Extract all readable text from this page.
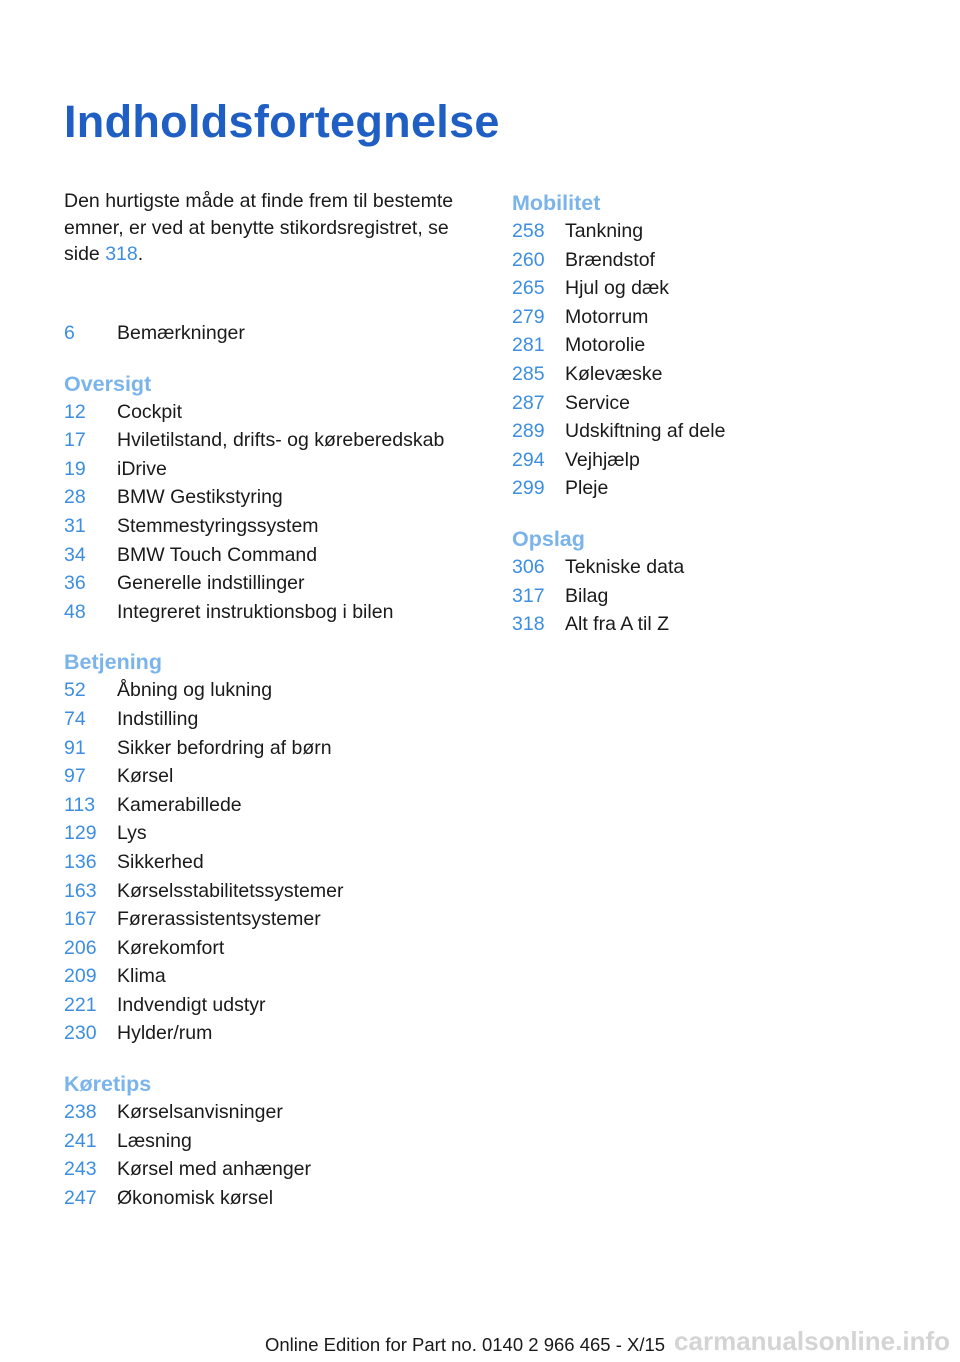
Indholdsfortegnelse
Den hurtigste måde at finde frem til bestemte emner, er ved at benytte stikordsregistret, se side 318.
6	Bemærkninger
Oversigt
12	Cockpit
17	Hviletilstand, drifts- og køreberedskab
19	iDrive
28	BMW Gestikstyring
31	Stemmestyringssystem
34	BMW Touch Command
36	Generelle indstillinger
48	Integreret instruktionsbog i bilen
Betjening
52	Åbning og lukning
74	Indstilling
91	Sikker befordring af børn
97	Kørsel
113	Kamerabillede
129	Lys
136	Sikkerhed
163	Kørselsstabilitetssystemer
167	Førerassistentsystemer
206	Kørekomfort
209	Klima
221	Indvendigt udstyr
230	Hylder/rum
Køretips
238	Kørselsanvisninger
241	Læsning
243	Kørsel med anhænger
247	Økonomisk kørsel
Mobilitet
258	Tankning
260	Brændstof
265	Hjul og dæk
279	Motorrum
281	Motorolie
285	Kølevæske
287	Service
289	Udskiftning af dele
294	Vejhjælp
299	Pleje
Opslag
306	Tekniske data
317	Bilag
318	Alt fra A til Z
Online Edition for Part no. 0140 2 966 465 - X/15 carmanualsonline.info
